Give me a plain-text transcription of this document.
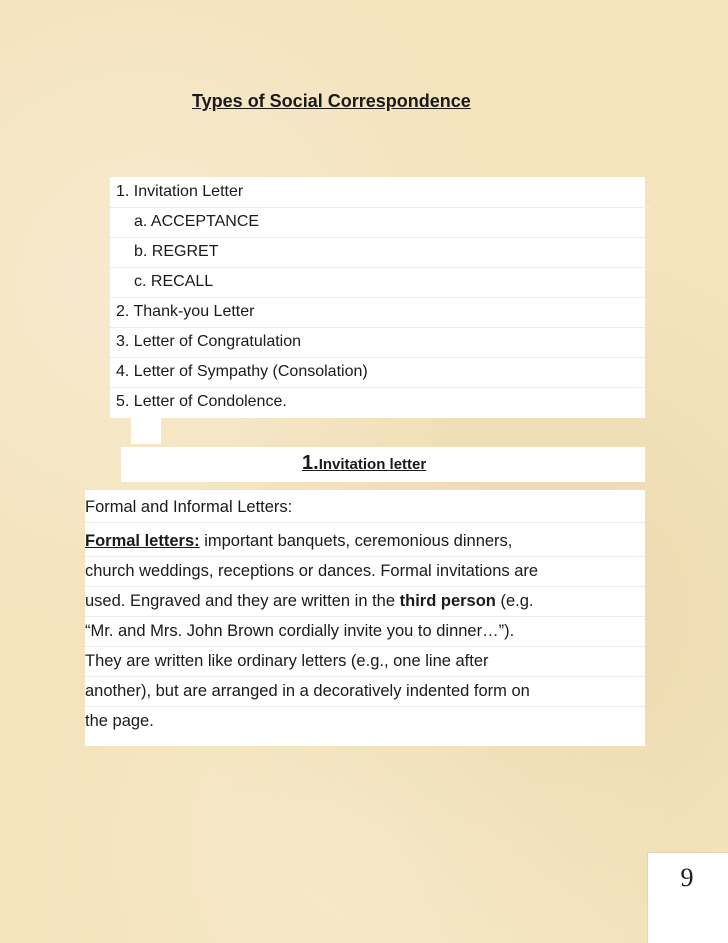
Types of Social Correspondence
1. Invitation Letter
a. ACCEPTANCE
b. REGRET
c. RECALL
2. Thank-you Letter
3. Letter of Congratulation
4. Letter of Sympathy (Consolation)
5. Letter of Condolence.
1.Invitation letter
Formal and Informal Letters:
Formal letters: important banquets, ceremonious dinners,
church weddings, receptions or dances. Formal invitations are
used. Engraved and they are written in the third person (e.g.
“Mr. and Mrs. John Brown cordially invite you to dinner…”).
They are written like ordinary letters (e.g., one line after
another), but are arranged in a decoratively indented form on
the page.
9
